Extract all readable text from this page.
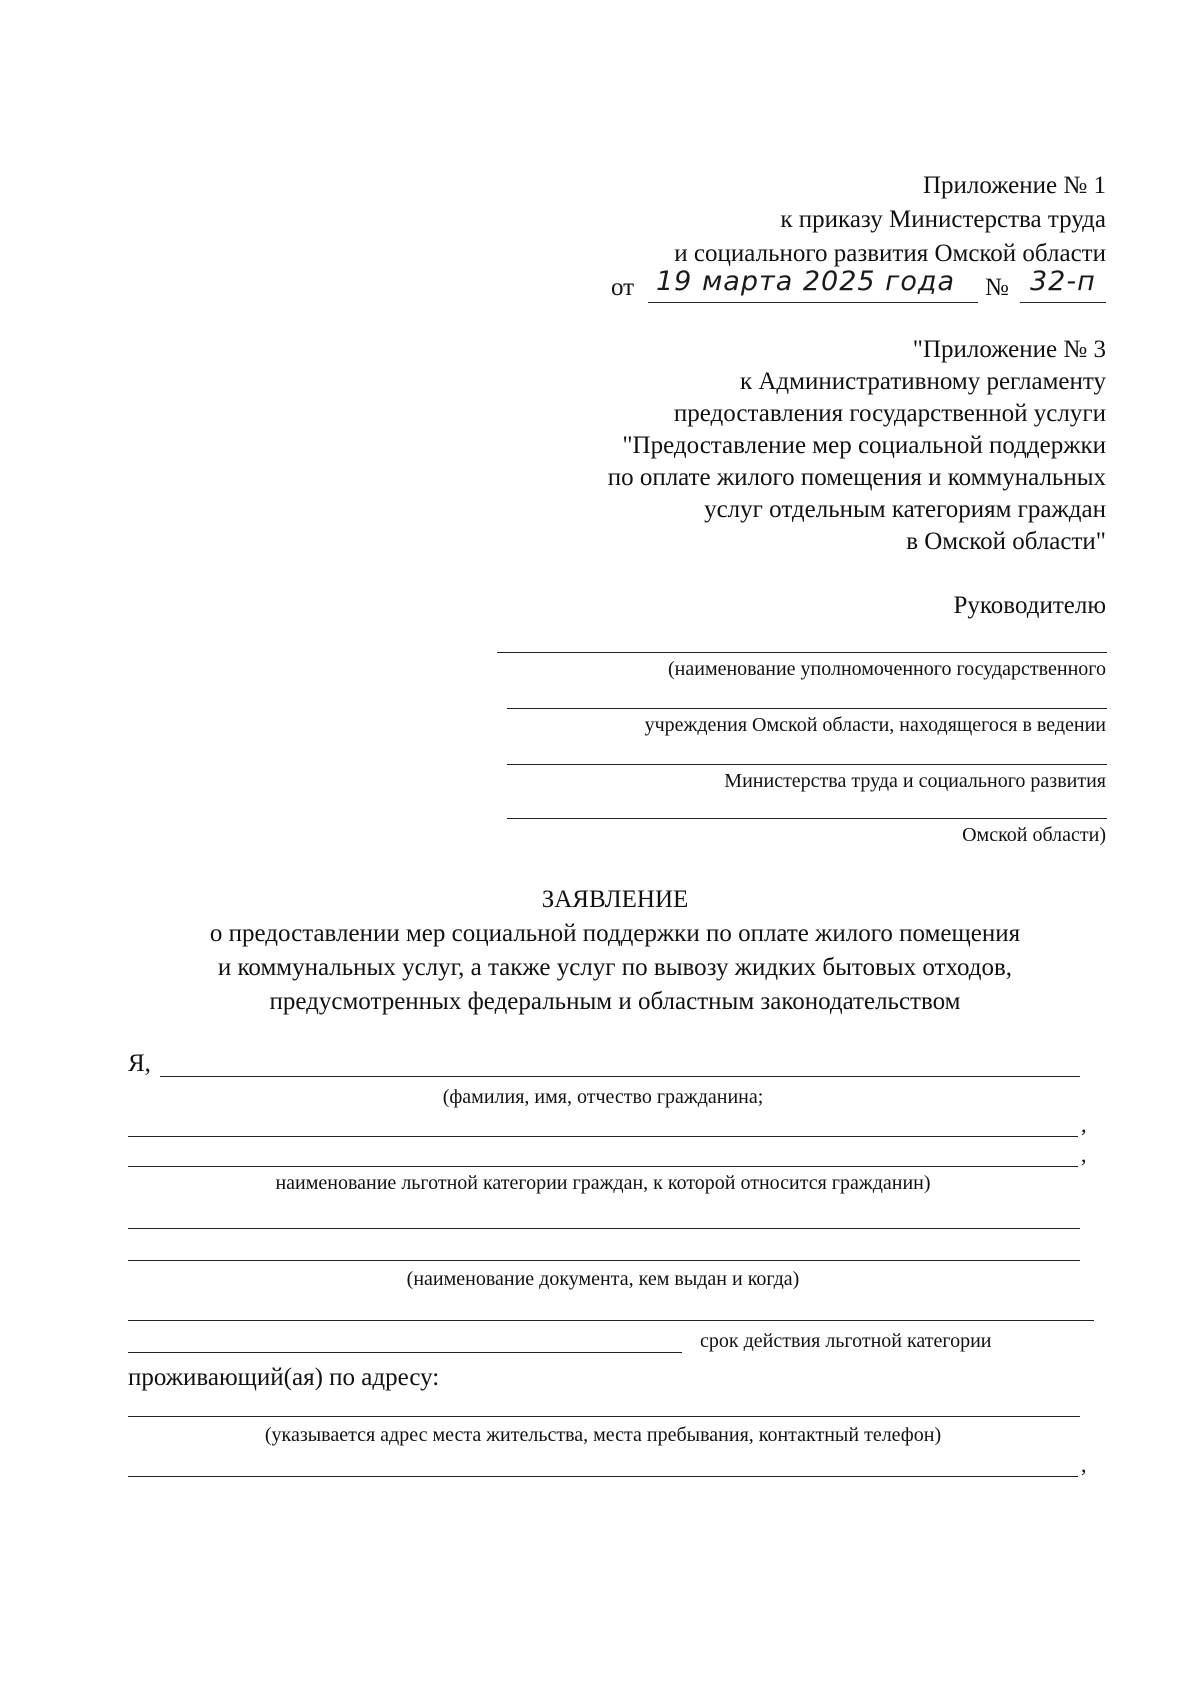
Приложение № 1
к приказу Министерства труда
и социального развития Омской области
от 19 марта 2025 года № 32-п
"Приложение № 3
к Административному регламенту
предоставления государственной услуги
"Предоставление мер социальной поддержки
по оплате жилого помещения и коммунальных
услуг отдельным категориям граждан
в Омской области"
Руководителю
(наименование уполномоченного государственного
учреждения Омской области, находящегося в ведении
Министерства труда и социального развития
Омской области)
ЗАЯВЛЕНИЕ
о предоставлении мер социальной поддержки по оплате жилого помещения
и коммунальных услуг, а также услуг по вывозу жидких бытовых отходов,
предусмотренных федеральным и областным законодательством
Я,
(фамилия, имя, отчество гражданина;
,
,
наименование льготной категории граждан, к которой относится гражданин)
(наименование документа, кем выдан и когда)
срок действия льготной категории
проживающий(ая) по адресу:
(указывается адрес места жительства, места пребывания, контактный телефон)
,
